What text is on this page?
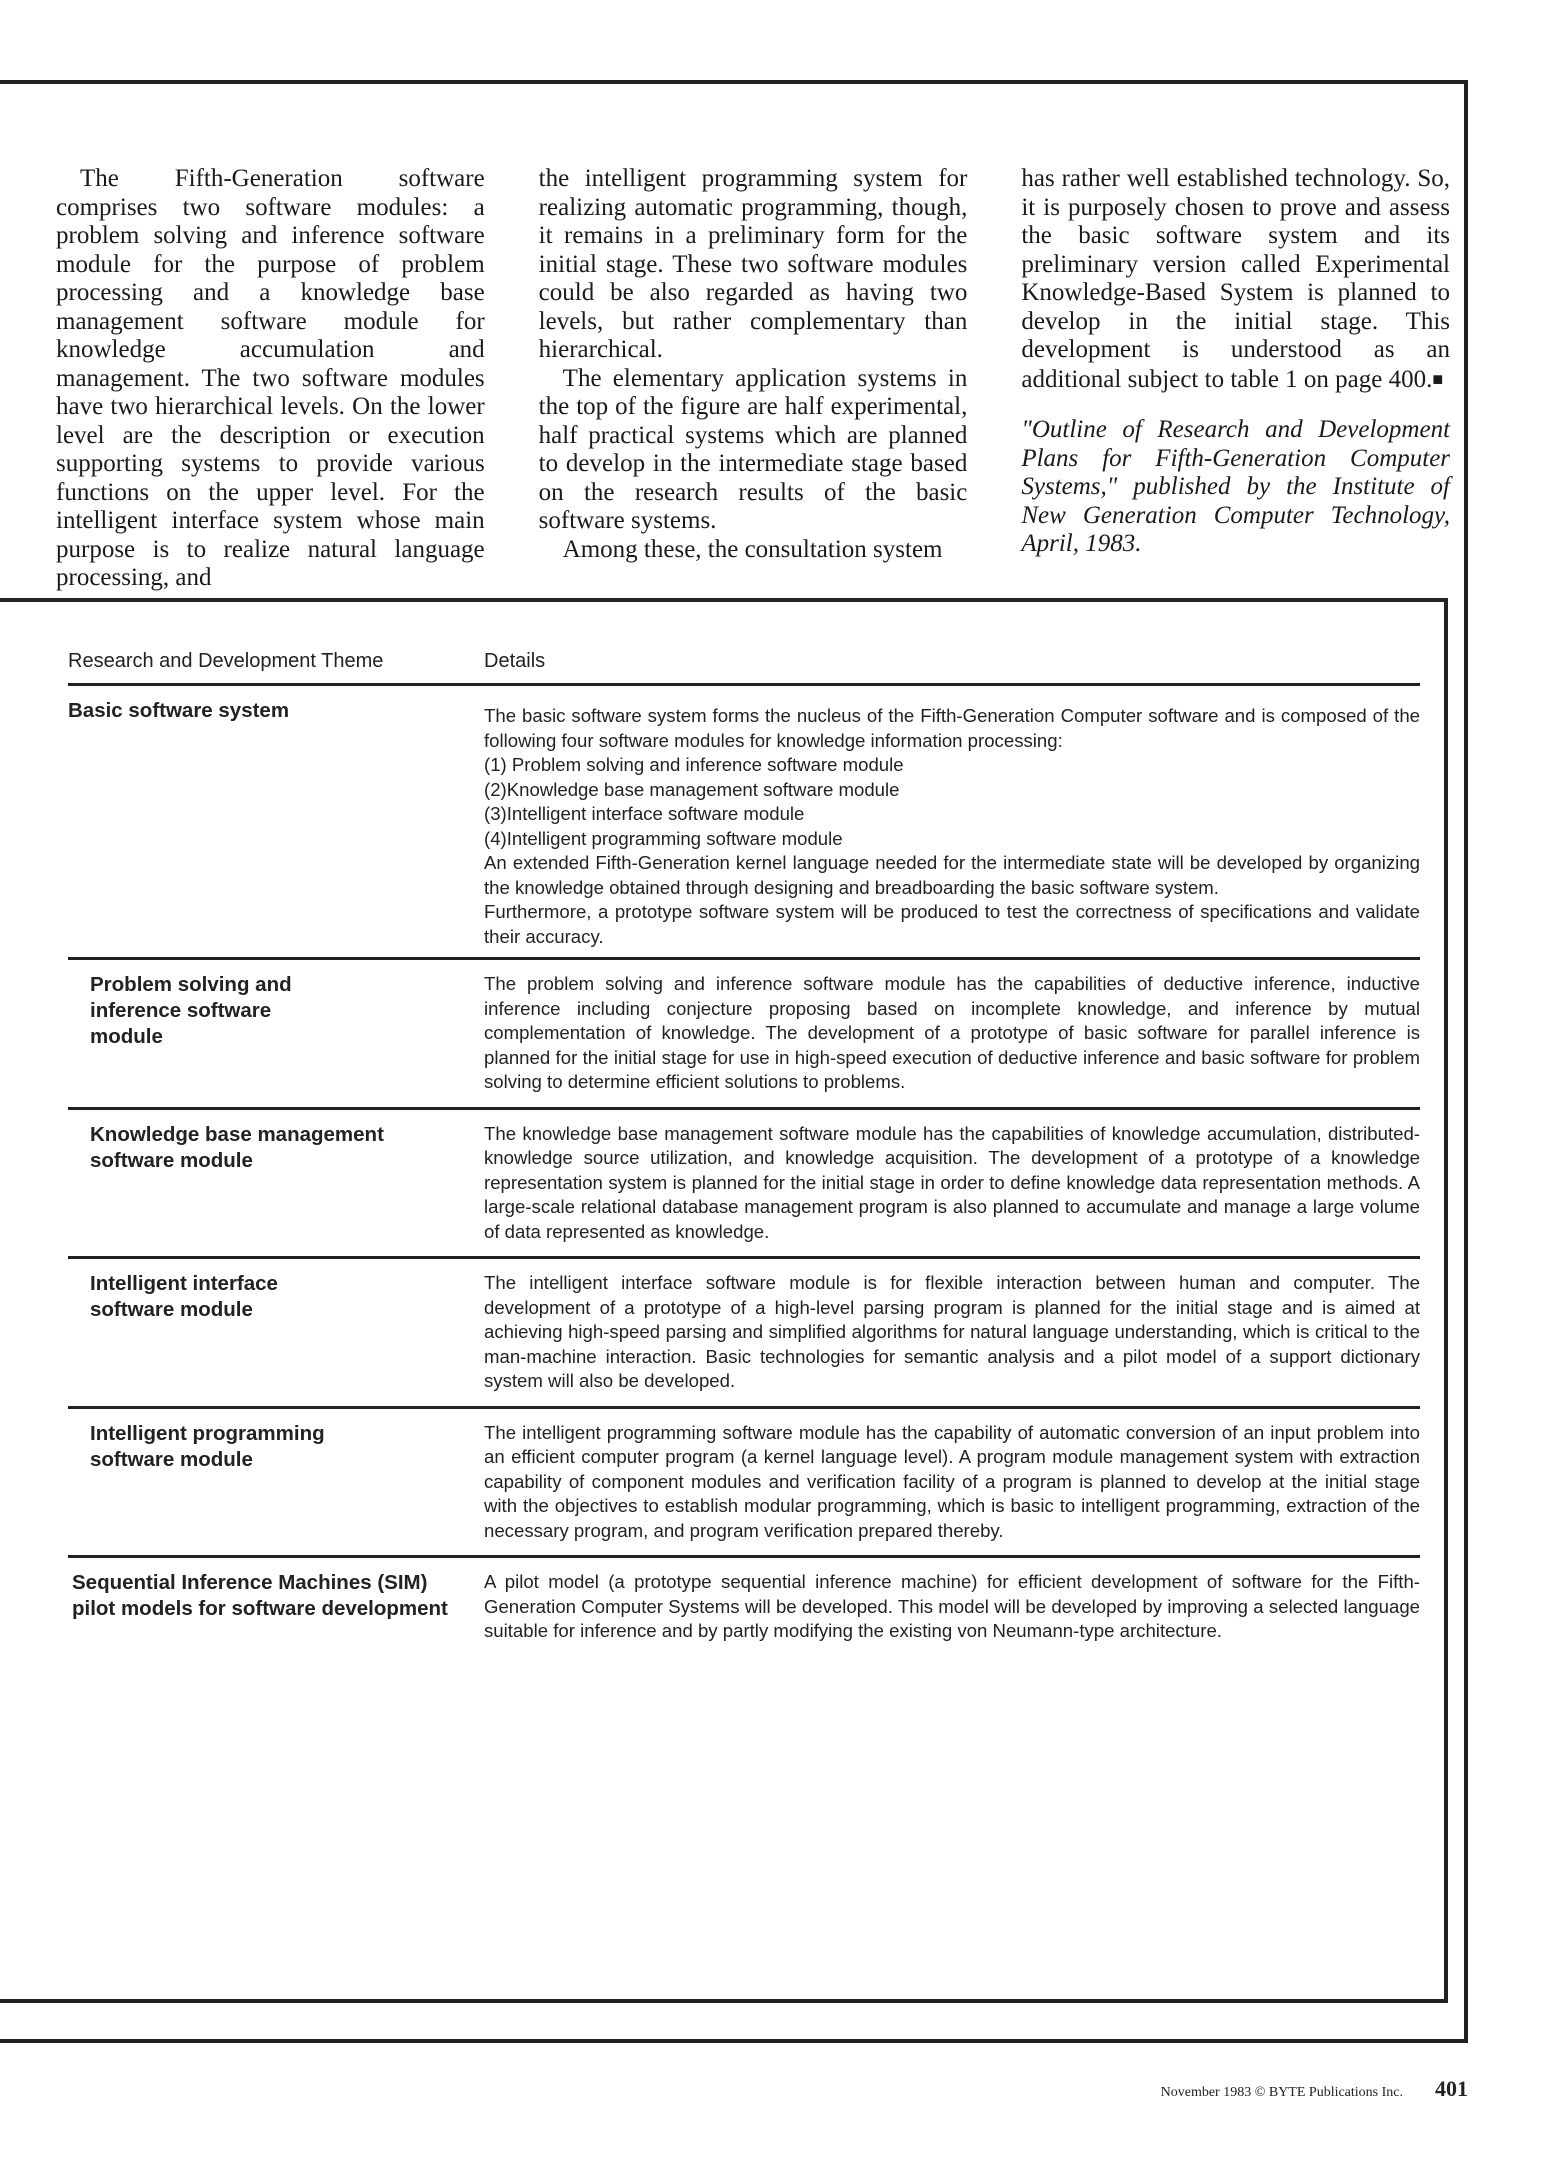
The Fifth-Generation software comprises two software modules: a problem solving and inference software module for the purpose of problem processing and a knowledge base management software module for knowledge accumulation and management. The two software modules have two hierarchical levels. On the lower level are the description or execution supporting systems to provide various functions on the upper level. For the intelligent interface system whose main purpose is to realize natural language processing, and

the intelligent programming system for realizing automatic programming, though, it remains in a preliminary form for the initial stage. These two software modules could be also regarded as having two levels, but rather complementary than hierarchical.

The elementary application systems in the top of the figure are half experimental, half practical systems which are planned to develop in the intermediate stage based on the research results of the basic software systems.

Among these, the consultation system

has rather well established technology. So, it is purposely chosen to prove and assess the basic software system and its preliminary version called Experimental Knowledge-Based System is planned to develop in the initial stage. This development is understood as an additional subject to table 1 on page 400.■

"Outline of Research and Development Plans for Fifth-Generation Computer Systems," published by the Institute of New Generation Computer Technology, April, 1983.

Research and Development Theme	Details
Basic software system	The basic software system forms the nucleus of the Fifth-Generation Computer software and is composed of the following four software modules for knowledge information processing:
(1) Problem solving and inference software module
(2)Knowledge base management software module
(3)Intelligent interface software module
(4)Intelligent programming software module
An extended Fifth-Generation kernel language needed for the intermediate state will be developed by organizing the knowledge obtained through designing and breadboarding the basic software system.
Furthermore, a prototype software system will be produced to test the correctness of specifications and validate their accuracy.
Problem solving and inference software module
The problem solving and inference software module has the capabilities of deductive inference, inductive inference including conjecture proposing based on incomplete knowledge, and inference by mutual complementation of knowledge. The development of a prototype of basic software for parallel inference is planned for the initial stage for use in high-speed execution of deductive inference and basic software for problem solving to determine efficient solutions to problems.
Knowledge base management software module
The knowledge base management software module has the capabilities of knowledge accumulation, distributed-knowledge source utilization, and knowledge acquisition. The development of a prototype of a knowledge representation system is planned for the initial stage in order to define knowledge data representation methods. A large-scale relational database management program is also planned to accumulate and manage a large volume of data represented as knowledge.
Intelligent interface software module
The intelligent interface software module is for flexible interaction between human and computer. The development of a prototype of a high-level parsing program is planned for the initial stage and is aimed at achieving high-speed parsing and simplified algorithms for natural language understanding, which is critical to the man-machine interaction. Basic technologies for semantic analysis and a pilot model of a support dictionary system will also be developed.
Intelligent programming software module
The intelligent programming software module has the capability of automatic conversion of an input problem into an efficient computer program (a kernel language level). A program module management system with extraction capability of component modules and verification facility of a program is planned to develop at the initial stage with the objectives to establish modular programming, which is basic to intelligent programming, extraction of the necessary program, and program verification prepared thereby.
Sequential Inference Machines (SIM) pilot models for software development
A pilot model (a prototype sequential inference machine) for efficient development of software for the Fifth-Generation Computer Systems will be developed. This model will be developed by improving a selected language suitable for inference and by partly modifying the existing von Neumann-type architecture.
November 1983 © BYTE Publications Inc. 401
